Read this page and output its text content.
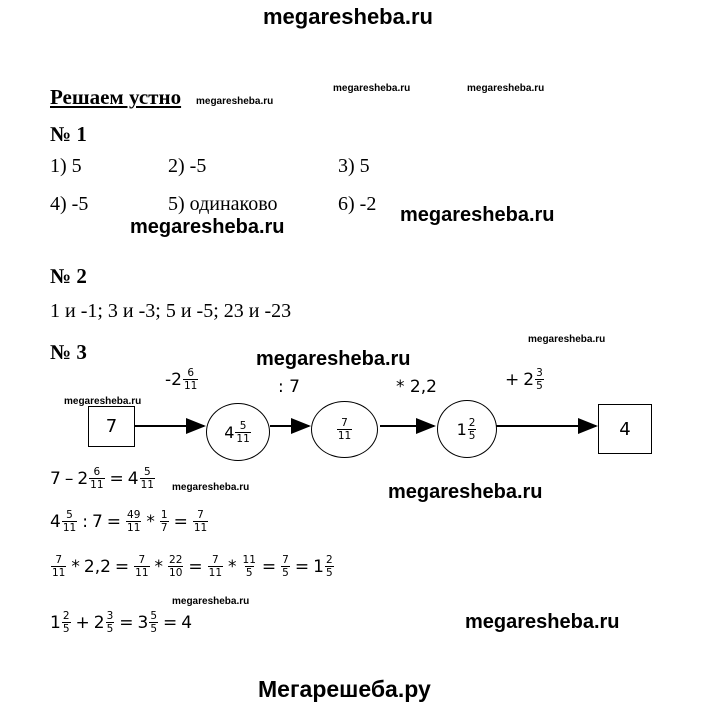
megaresheba.ru
Мегарешеба.ру
megaresheba.ru
megaresheba.ru	megaresheba.ru
megaresheba.ru
megaresheba.ru
megaresheba.ru
megaresheba.ru
megaresheba.ru
megaresheba.ru	megaresheba.ru
megaresheba.ru
megaresheba.ru
Решаем устно
№ 1
1) 5	2) -5	3) 5
4) -5	5) одинаково	6) -2
№ 2
1 и -1; 3 и -3; 5 и -5; 23 и -23
№ 3
- $2 \frac{6}{11}$	: 7	* 2,2	+ $2 \frac{3}{5}$
7	$4 \frac{5}{11}$	$\frac{7}{11}$	$1 \frac{2}{5}$	4
$7 - 2 \frac{6}{11} = 4 \frac{5}{11}$
$4 \frac{5}{11}$ : $7 = \frac{49}{11} * \frac{1}{7} = \frac{7}{11}$
$\frac{7}{11} * 2,2 = \frac{7}{11} * \frac{22}{10} = \frac{7}{11} * \frac{11}{5} = \frac{7}{5} = 1 \frac{2}{5}$
$1 \frac{2}{5} + 2 \frac{3}{5} = 3 \frac{5}{5} = 4$
